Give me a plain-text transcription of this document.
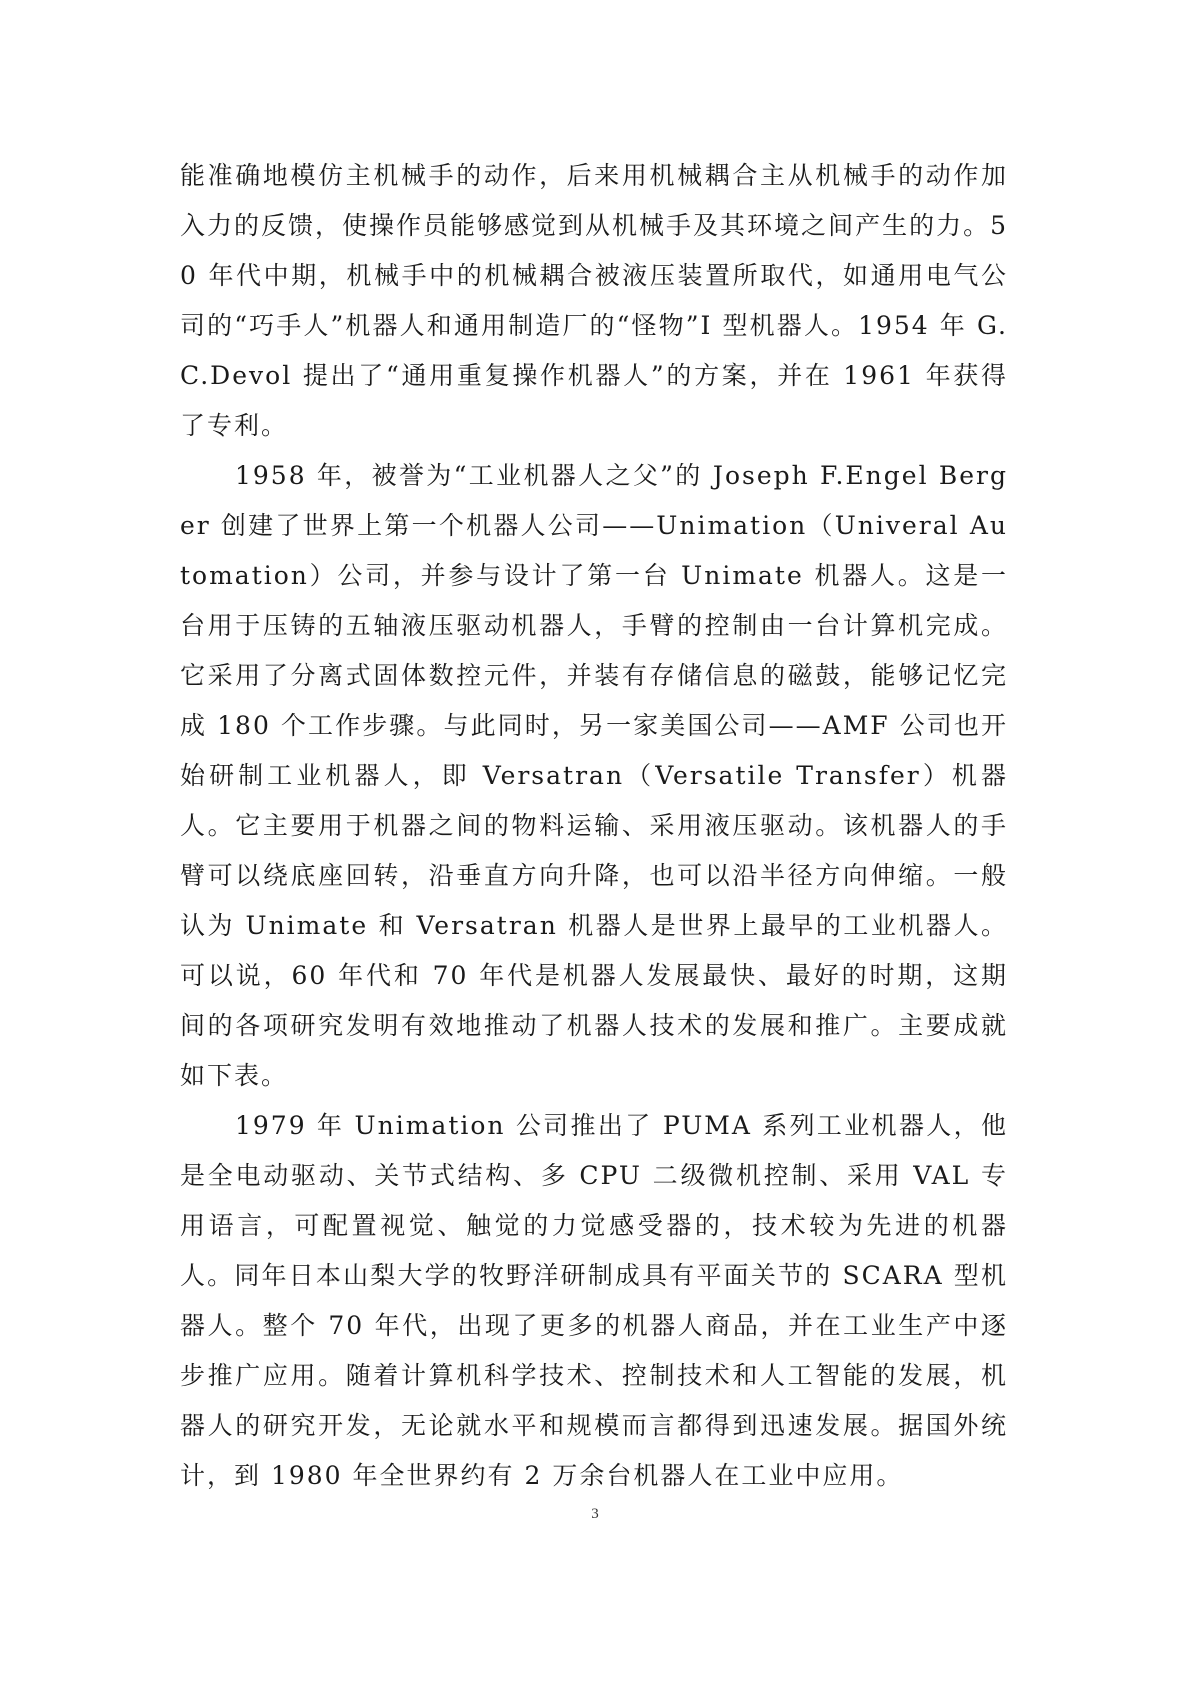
能准确地模仿主机械手的动作，后来用机械耦合主从机械手的动作加入力的反馈，使操作员能够感觉到从机械手及其环境之间产生的力。50 年代中期，机械手中的机械耦合被液压装置所取代，如通用电气公司的“巧手人”机器人和通用制造厂的“怪物”I 型机器人。1954 年 G.C.Devol 提出了“通用重复操作机器人”的方案，并在 1961 年获得了专利。

1958 年，被誉为“工业机器人之父”的 Joseph F.Engel Berger 创建了世界上第一个机器人公司——Unimation（Univeral Automation）公司，并参与设计了第一台 Unimate 机器人。这是一台用于压铸的五轴液压驱动机器人，手臂的控制由一台计算机完成。它采用了分离式固体数控元件，并装有存储信息的磁鼓，能够记忆完成 180 个工作步骤。与此同时，另一家美国公司——AMF 公司也开始研制工业机器人，即 Versatran（Versatile Transfer）机器人。它主要用于机器之间的物料运输、采用液压驱动。该机器人的手臂可以绕底座回转，沿垂直方向升降，也可以沿半径方向伸缩。一般认为 Unimate 和 Versatran 机器人是世界上最早的工业机器人。可以说，60 年代和 70 年代是机器人发展最快、最好的时期，这期间的各项研究发明有效地推动了机器人技术的发展和推广。主要成就如下表。

1979 年 Unimation 公司推出了 PUMA 系列工业机器人，他是全电动驱动、关节式结构、多 CPU 二级微机控制、采用 VAL 专用语言，可配置视觉、触觉的力觉感受器的，技术较为先进的机器人。同年日本山梨大学的牧野洋研制成具有平面关节的 SCARA 型机器人。整个 70 年代，出现了更多的机器人商品，并在工业生产中逐步推广应用。随着计算机科学技术、控制技术和人工智能的发展，机器人的研究开发，无论就水平和规模而言都得到迅速发展。据国外统计，到 1980 年全世界约有 2 万余台机器人在工业中应用。

3
